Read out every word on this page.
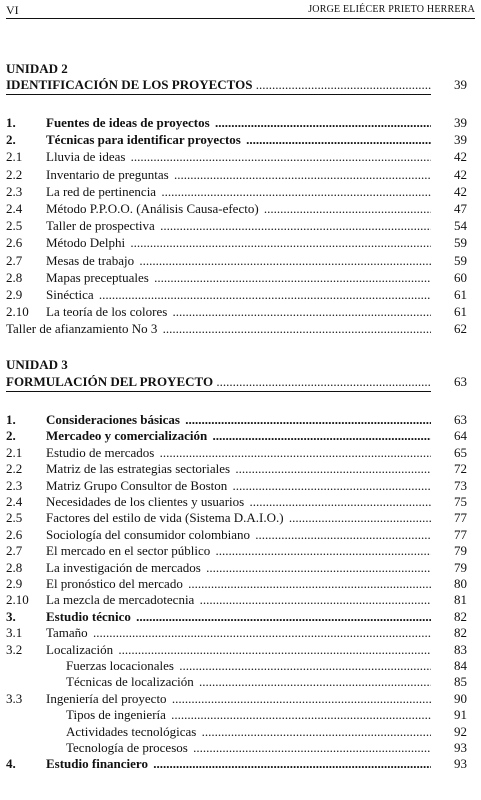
VI	JORGE ELIÉCER PRIETO HERRERA
UNIDAD 2
IDENTIFICACIÓN DE LOS PROYECTOS .....	39
1. Fuentes de ideas de proyectos .....	39
2. Técnicas para identificar proyectos .....	39
2.1 Lluvia de ideas .....	42
2.2 Inventario de preguntas .....	42
2.3 La red de pertinencia .....	42
2.4 Método P.P.O.O. (Análisis Causa-efecto) .....	47
2.5 Taller de prospectiva .....	54
2.6 Método Delphi .....	59
2.7 Mesas de trabajo .....	59
2.8 Mapas preceptuales .....	60
2.9 Sinéctica .....	61
2.10 La teoría de los colores .....	61
Taller de afianzamiento No 3 .....	62
UNIDAD 3
FORMULACIÓN DEL PROYECTO .....	63
1. Consideraciones básicas .....	63
2. Mercadeo y comercialización .....	64
2.1 Estudio de mercados .....	65
2.2 Matriz de las estrategias sectoriales .....	72
2.3 Matriz Grupo Consultor de Boston .....	73
2.4 Necesidades de los clientes y usuarios .....	75
2.5 Factores del estilo de vida (Sistema D.A.I.O.) .....	77
2.6 Sociología del consumidor colombiano .....	77
2.7 El mercado en el sector público .....	79
2.8 La investigación de mercados .....	79
2.9 El pronóstico del mercado .....	80
2.10 La mezcla de mercadotecnia .....	81
3. Estudio técnico .....	82
3.1 Tamaño .....	82
3.2 Localización .....	83
Fuerzas locacionales .....	84
Técnicas de localización .....	85
3.3 Ingeniería del proyecto .....	90
Tipos de ingeniería .....	91
Actividades tecnológicas .....	92
Tecnología de procesos .....	93
4. Estudio financiero .....	93
